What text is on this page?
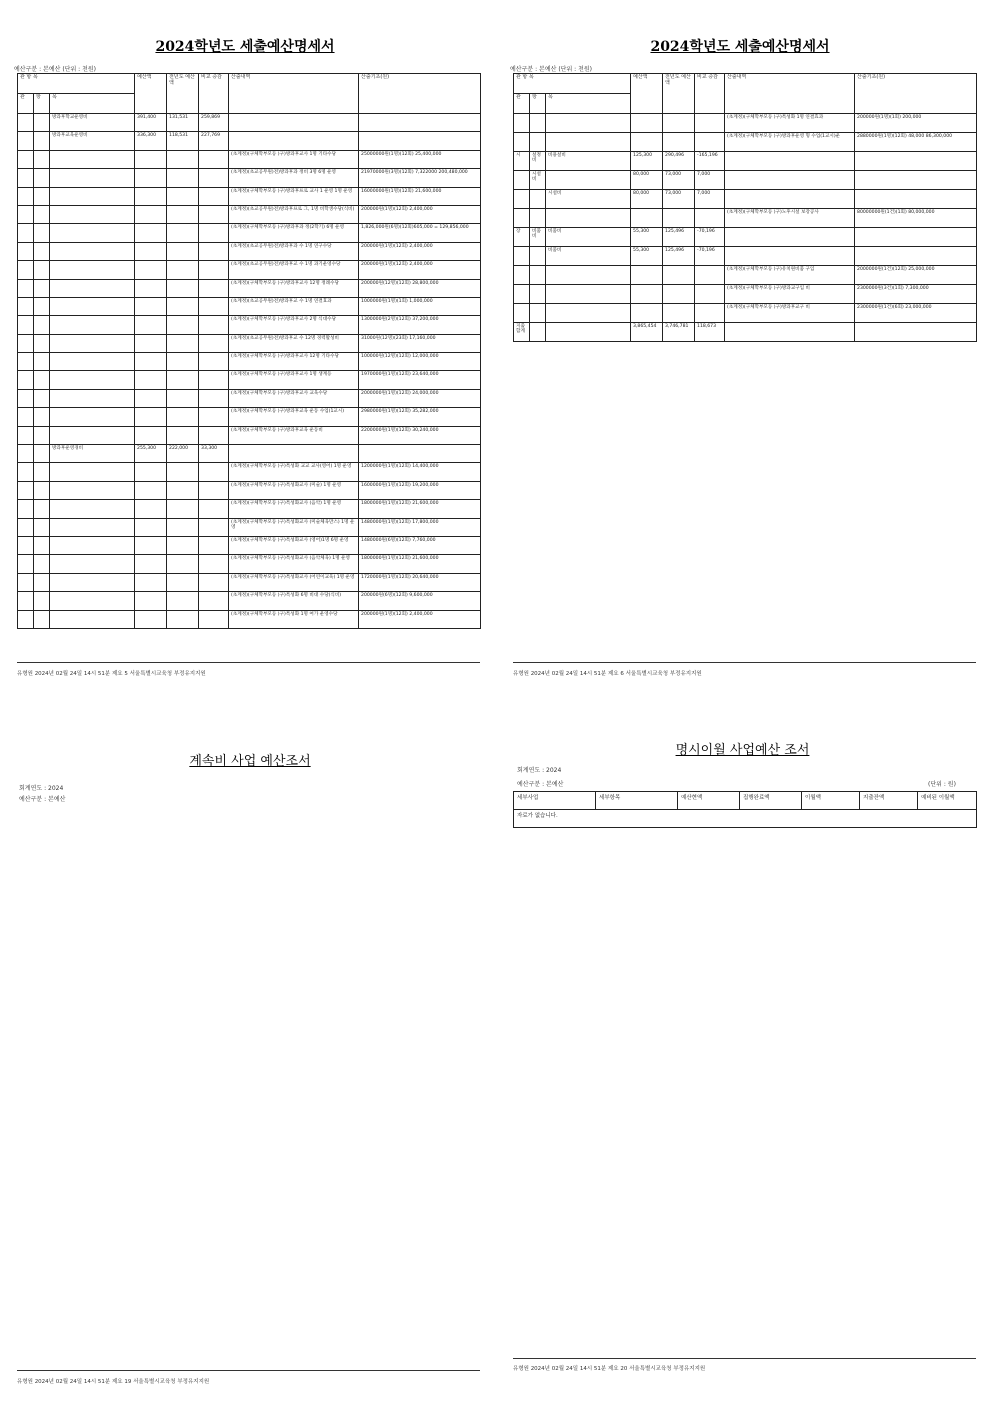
2024학년도 세출예산명세서
예산구분 : 본예산 (단위 : 천원)
관 항 목			예산액	전년도 예산액	비교 증감	산출내역	산출기초(원)
관	항	목					
		방과후학교운영비	391,400	131,531	259,869		
		방과후교육운영비	336,300	118,531	227,769		
						(초계정)(구체학부모등 )구)방과후교사 1명 기타수당	25000000원(1명)(12회) 25,400,000
						(초계정)(초교공무원)전)방과후과 정비 3명 6명 운영	21970000원(3명)(12회) 7,322000 200,480,000
						(초계정)(구체학부모등 )구)방과후프로 교사 1 운영 1명 운영	16000000원(1명)(12회) 21,600,000
						(초계정)(초교공무원)전)방과후프로 그, 1명 비학생수당(식비)	200000원(1명)(12회) 2,400,000
						(초계정)(구체학부모등 )구)방과후과 정(2학기) 6명 운영	1,826,000원(6명)(12회)605,000 = 129,856,000
						(초계정)(초교공무원)전)방과후과 수 1명 연구수당	200000원(1명)(12회) 2,400,000
						(초계정)(초교공무원)전)방과후교 수 1명 과기운영수당	200000원(1명)(12회) 2,400,000
						(초계정)(구체학부모등 )구)방과후교사 12명 정례수당	200000원(12명)(12회) 28,800,000
						(초계정)(초교공무원)전)방과후교 수 1명 연결효과	1000000원(1명)(1회) 1,000,000
						(초계정)(구체학부모등 )구)방과후교사 2명 식대수당	1300000원(2명)(12회) 37,200,000
						(초계정)(초교공무원)전)방과후교 수 12명 경력활성비	31000원(12명)(23회) 17,160,000
						(초계정)(구체학부모등 )구)방과후교사 12명 기타수당	100000원(12명)(12회) 12,000,000
						(초계정)(구체학부모등 )구)방과후교사 1명 생계등	1970000원(1명)(12회) 23,640,000
						(초계정)(구체학부모등 )구)방과후교사 교육수당	2000000원(1명)(12회) 24,000,000
						(초계정)(구체학부모등 )구)방과후교육 운동 수업(1교시)	2980000원(1명)(12회) 35,282,000
						(초계정)(구체학부모등 )구)방과후교육 운동비	2200000원(1명)(12회) 30,240,000
		방과후운영경비	255,300	222,000	33,300		
						(초계정)(구체학부모등 )구)특성화 교교 교사(영어) 1명 운영	1200000원(1명)(12회) 14,400,000
						(초계정)(구체학부모등 )구)특성화교사 (미술) 1명 운영	1600000원(1명)(12회) 19,200,000
						(초계정)(구체학부모등 )구)특성화교사 (음악) 1명 운영	1800000원(1명)(12회) 21,600,000
						(초계정)(구체학부모등 )구)특성화교사 (미술체육만스) 1명 운영	1480000원(1명)(12회) 17,800,000
						(초계정)(구체학부모등 )구)특성화교사 (영어)1명 6명 운영	1480000원(6명)(12회) 7,760,000
						(초계정)(구체학부모등 )구)특성화교사 (음악체육) 1명 운영	1800000원(1명)(12회) 21,600,000
						(초계정)(구체학부모등 )구)특성화교사 (어린이교육) 1명 운영	1720000원(1명)(12회) 20,640,000
						(초계정)(구체학부모등 )구)특성화 6명 비대 수당(식비)	200000원(6명)(12회) 9,600,000
						(초계정)(구체학부모등 )구)특성화 1명 여가 운영수당	200000원(1명)(12회) 2,400,000
유형원 2024년 02월 24일 14시 51분 제요 5 서울특별시교육청 부정유지지원
2024학년도 세출예산명세서
예산구분 : 본예산 (단위 : 천원)
관 항 목			예산액	전년도 예산액	비교 증감	산출내역	산출기초(원)
관	항	목					
						(초계정)(구체학부모등 )구)특성화 1명 연결효과	200000원(1명)(1회) 200,000
						(초계정)(구체학부모등 )구)방과후운영 형 수업(1교시)운	2880000원(1명)(12회) 48,000 86,300,000
시	설정비	비용설비	125,300	290,496	-165,196		
	시설 비		80,000	73,000	7,000		
		시설비	80,000	73,000	7,000		
						(초계정)(구체학부모등 )구)노후시설 보강공사	80000000원(1건)(1회) 80,000,000
장	비품비	비품비	55,300	125,496	-70,196		
		비품비	55,300	125,496	-70,196		
						(초계정)(구체학부모등 )구)유치원비품 구입	2000000원(1건)(12회) 25,000,000
						(초계정)(구체학부모등 )구)방과교구입 비	2300000원(3건)(1회) 7,300,000
						(초계정)(구체학부모등 )구)방과후교구 비	2300000원(1건)(6회) 23,000,000
지출합계			3,865,454	3,746,781	118,673		
유형원 2024년 02월 24일 14시 51분 제요 6 서울특별시교육청 부정유지지원
계속비 사업 예산조서
회계연도 : 2024
예산구분 : 본예산
유형원 2024년 02월 24일 14시 51분 제요 19 서울특별시교육청 부정유지지원
명시이월 사업예산 조서
회계연도 : 2024
예산구분 : 본예산	(단위 : 원)
세부사업	세부항목	예산현액	집행완료액	이월액	지출잔액	예비된 이월액
자료가 없습니다.
유형원 2024년 02월 24일 14시 51분 제요 20 서울특별시교육청 부정유지지원
